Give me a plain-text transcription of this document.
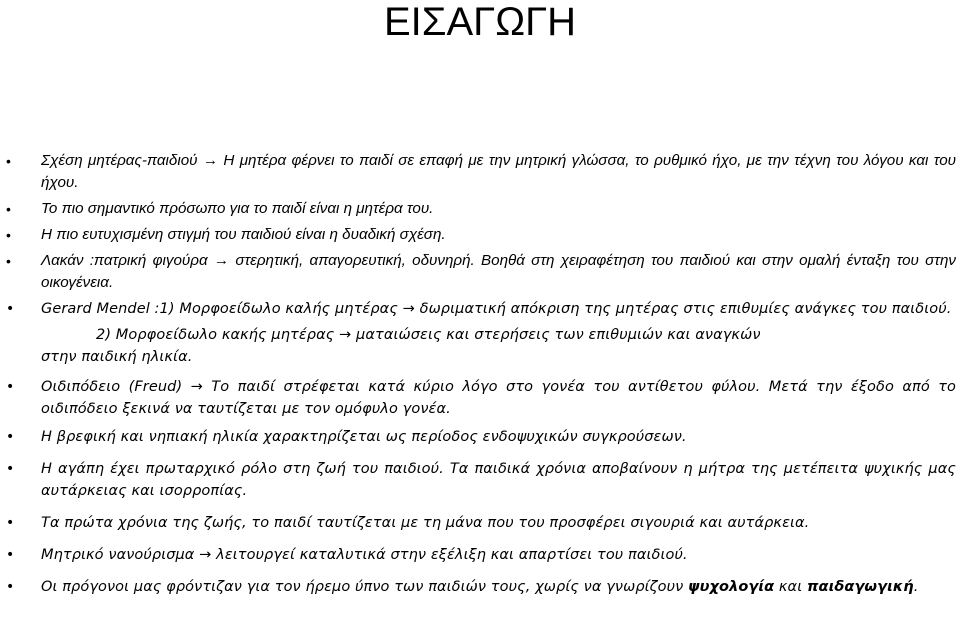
ΕΙΣΑΓΩΓΗ
• Σχέση μητέρας-παιδιού → Η μητέρα φέρνει το παιδί σε επαφή με την μητρική γλώσσα, το ρυθμικό ήχο, με την τέχνη του λόγου και του ήχου.
• Το πιο σημαντικό πρόσωπο για το παιδί είναι η μητέρα του.
• Η πιο ευτυχισμένη στιγμή του παιδιού είναι η δυαδική σχέση.
• Λακάν :πατρική φιγούρα → στερητική, απαγορευτική, οδυνηρή. Βοηθά στη χειραφέτηση του παιδιού και στην ομαλή ένταξη του στην οικογένεια.
• Gerard Mendel :1) Μορφοείδωλο καλής μητέρας → δωριματική απόκριση της μητέρας στις επιθυμίες ανάγκες του παιδιού.
2) Μορφοείδωλο κακής μητέρας → ματαιώσεις και στερήσεις των επιθυμιών και αναγκών
στην παιδική ηλικία.
• Οιδιπόδειο (Freud) → Το παιδί στρέφεται κατά κύριο λόγο στο γονέα του αντίθετου φύλου. Μετά την έξοδο από το οιδιπόδειο ξεκινά να ταυτίζεται με τον ομόφυλο γονέα.
• Η βρεφική και νηπιακή ηλικία χαρακτηρίζεται ως περίοδος ενδοψυχικών συγκρούσεων.
• Η αγάπη έχει πρωταρχικό ρόλο στη ζωή του παιδιού. Τα παιδικά χρόνια αποβαίνουν η μήτρα της μετέπειτα ψυχικής μας αυτάρκειας και ισορροπίας.
• Τα πρώτα χρόνια της ζωής, το παιδί ταυτίζεται με τη μάνα που του προσφέρει σιγουριά και αυτάρκεια.
• Μητρικό νανούρισμα → λειτουργεί καταλυτικά στην εξέλιξη και απαρτίσει του παιδιού.
• Οι πρόγονοι μας φρόντιζαν για τον ήρεμο ύπνο των παιδιών τους, χωρίς να γνωρίζουν ψυχολογία και παιδαγωγική.
